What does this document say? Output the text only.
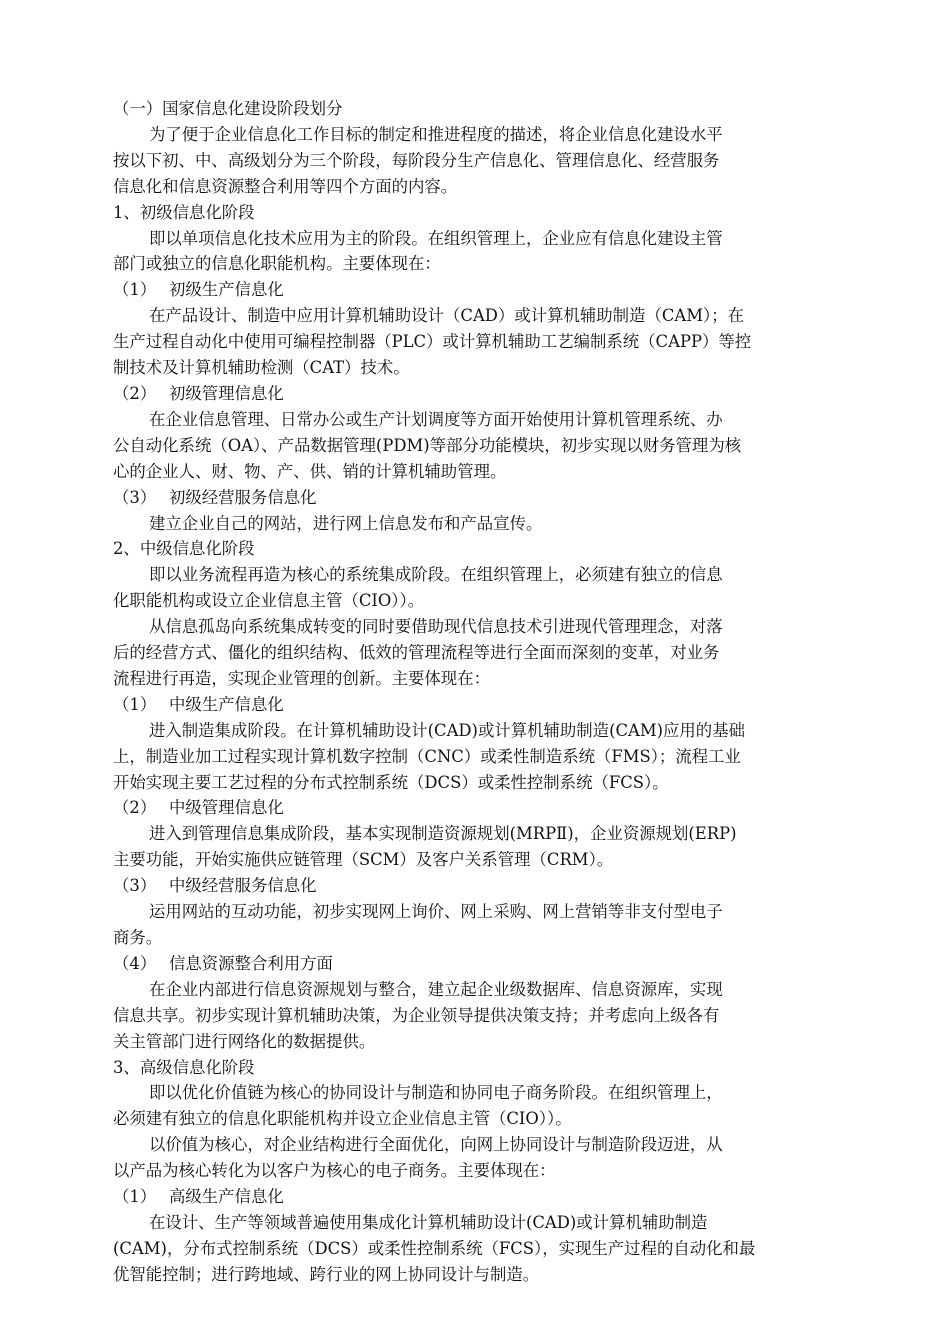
（一）国家信息化建设阶段划分

为了便于企业信息化工作目标的制定和推进程度的描述，将企业信息化建设水平
按以下初、中、高级划分为三个阶段，每阶段分生产信息化、管理信息化、经营服务
信息化和信息资源整合利用等四个方面的内容。

1、初级信息化阶段

即以单项信息化技术应用为主的阶段。在组织管理上，企业应有信息化建设主管
部门或独立的信息化职能机构。主要体现在：

（1） 初级生产信息化

在产品设计、制造中应用计算机辅助设计（CAD）或计算机辅助制造（CAM）；在
生产过程自动化中使用可编程控制器（PLC）或计算机辅助工艺编制系统（CAPP）等控
制技术及计算机辅助检测（CAT）技术。

（2） 初级管理信息化

在企业信息管理、日常办公或生产计划调度等方面开始使用计算机管理系统、办
公自动化系统（OA）、产品数据管理(PDM)等部分功能模块，初步实现以财务管理为核
心的企业人、财、物、产、供、销的计算机辅助管理。

（3） 初级经营服务信息化

建立企业自己的网站，进行网上信息发布和产品宣传。

2、中级信息化阶段

即以业务流程再造为核心的系统集成阶段。在组织管理上，必须建有独立的信息
化职能机构或设立企业信息主管（CIO））。

从信息孤岛向系统集成转变的同时要借助现代信息技术引进现代管理理念，对落
后的经营方式、僵化的组织结构、低效的管理流程等进行全面而深刻的变革，对业务
流程进行再造，实现企业管理的创新。主要体现在：

（1） 中级生产信息化

进入制造集成阶段。在计算机辅助设计(CAD)或计算机辅助制造(CAM)应用的基础
上，制造业加工过程实现计算机数字控制（CNC）或柔性制造系统（FMS）；流程工业
开始实现主要工艺过程的分布式控制系统（DCS）或柔性控制系统（FCS）。

（2） 中级管理信息化

进入到管理信息集成阶段，基本实现制造资源规划(MRPⅡ)，企业资源规划(ERP)
主要功能，开始实施供应链管理（SCM）及客户关系管理（CRM）。

（3） 中级经营服务信息化

运用网站的互动功能，初步实现网上询价、网上采购、网上营销等非支付型电子
商务。

（4） 信息资源整合利用方面

在企业内部进行信息资源规划与整合，建立起企业级数据库、信息资源库，实现
信息共享。初步实现计算机辅助决策，为企业领导提供决策支持；并考虑向上级各有
关主管部门进行网络化的数据提供。

3、高级信息化阶段

即以优化价值链为核心的协同设计与制造和协同电子商务阶段。在组织管理上，
必须建有独立的信息化职能机构并设立企业信息主管（CIO））。

以价值为核心，对企业结构进行全面优化，向网上协同设计与制造阶段迈进，从
以产品为核心转化为以客户为核心的电子商务。主要体现在：

（1） 高级生产信息化

在设计、生产等领域普遍使用集成化计算机辅助设计(CAD)或计算机辅助制造
(CAM)，分布式控制系统（DCS）或柔性控制系统（FCS），实现生产过程的自动化和最
优智能控制；进行跨地域、跨行业的网上协同设计与制造。
